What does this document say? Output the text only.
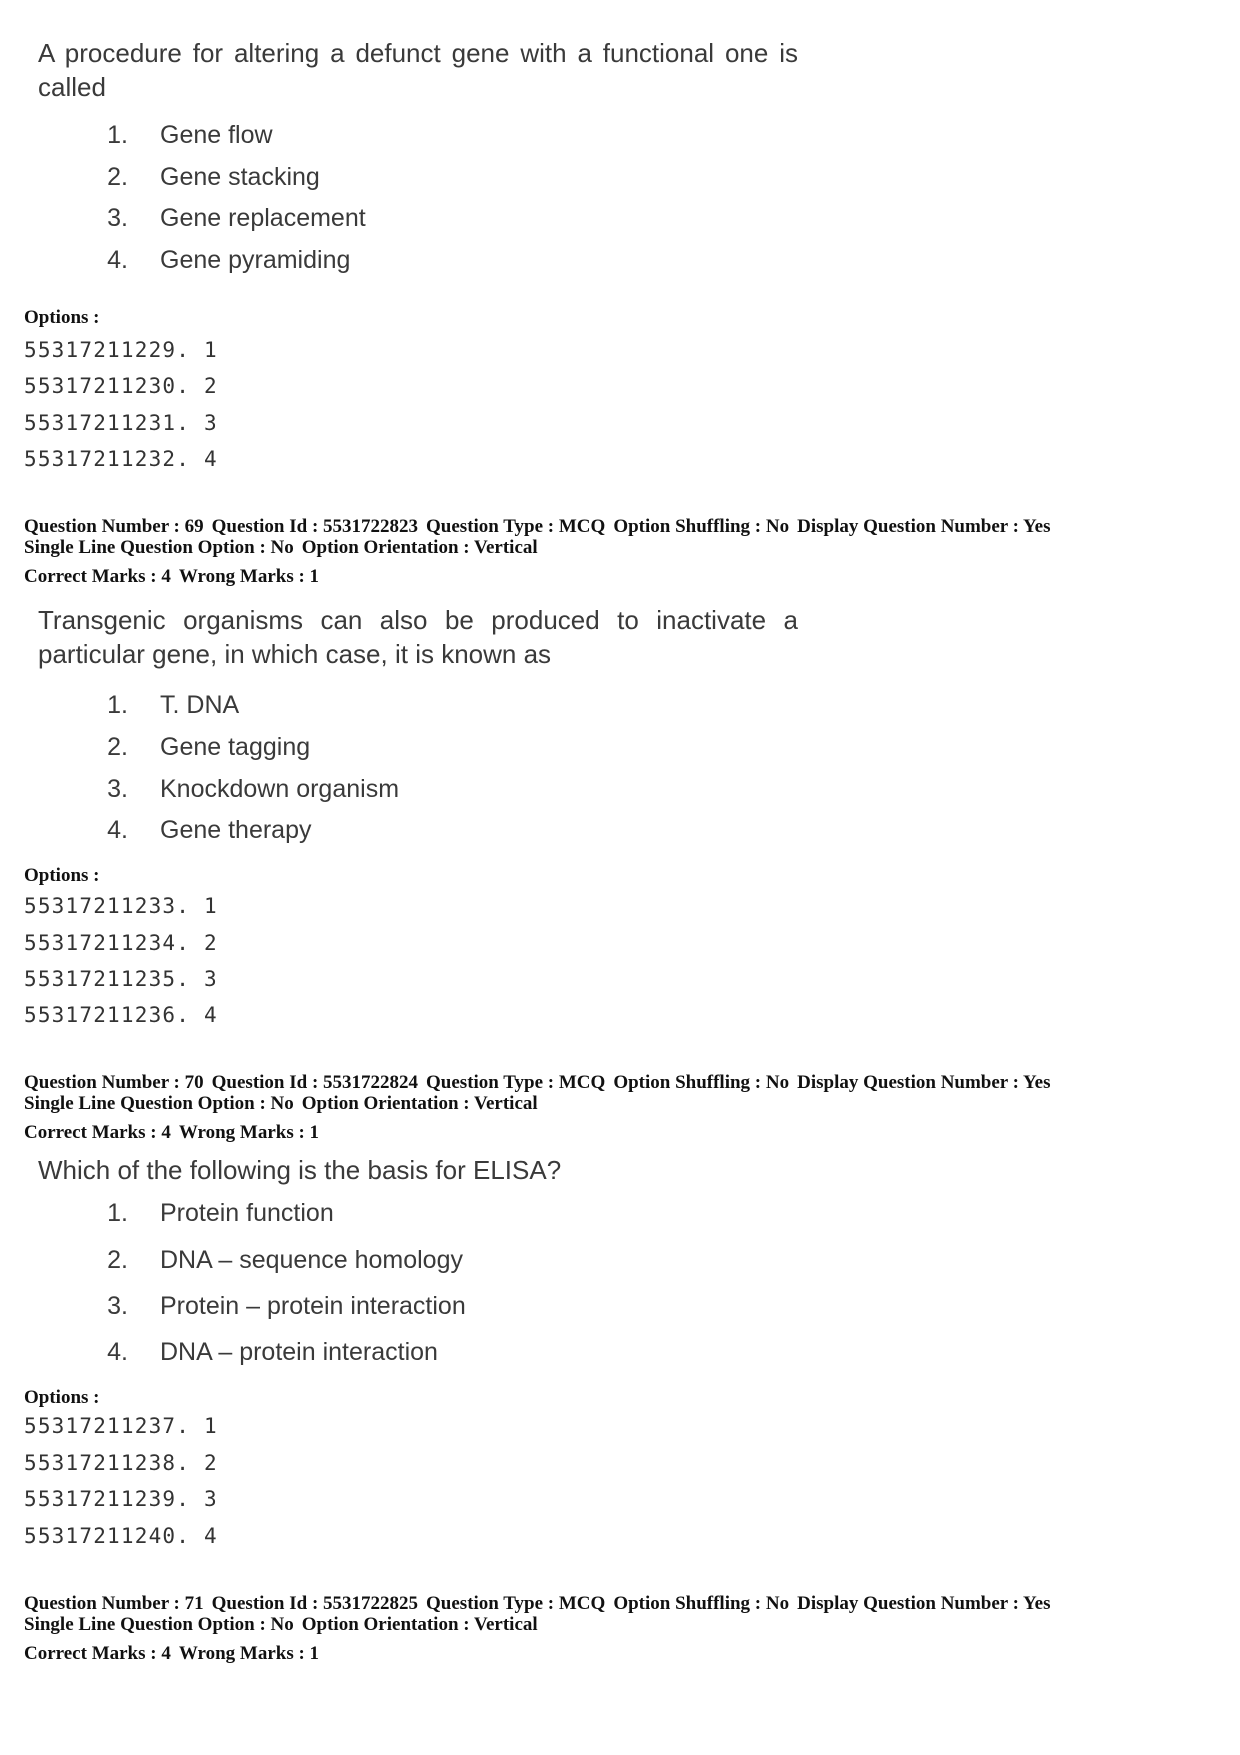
A procedure for altering a defunct gene with a functional one is called

1. Gene flow
2. Gene stacking
3. Gene replacement
4. Gene pyramiding
Options :
55317211229. 1
55317211230. 2
55317211231. 3
55317211232. 4
Question Number : 69 Question Id : 5531722823 Question Type : MCQ Option Shuffling : No Display Question Number : Yes
Single Line Question Option : No Option Orientation : Vertical
Correct Marks : 4 Wrong Marks : 1

Transgenic organisms can also be produced to inactivate a particular gene, in which case, it is known as

1. T. DNA
2. Gene tagging
3. Knockdown organism
4. Gene therapy
Options :
55317211233. 1
55317211234. 2
55317211235. 3
55317211236. 4
Question Number : 70 Question Id : 5531722824 Question Type : MCQ Option Shuffling : No Display Question Number : Yes
Single Line Question Option : No Option Orientation : Vertical
Correct Marks : 4 Wrong Marks : 1

Which of the following is the basis for ELISA?

1. Protein function
2. DNA – sequence homology
3. Protein – protein interaction
4. DNA – protein interaction
Options :
55317211237. 1
55317211238. 2
55317211239. 3
55317211240. 4
Question Number : 71 Question Id : 5531722825 Question Type : MCQ Option Shuffling : No Display Question Number : Yes
Single Line Question Option : No Option Orientation : Vertical
Correct Marks : 4 Wrong Marks : 1
